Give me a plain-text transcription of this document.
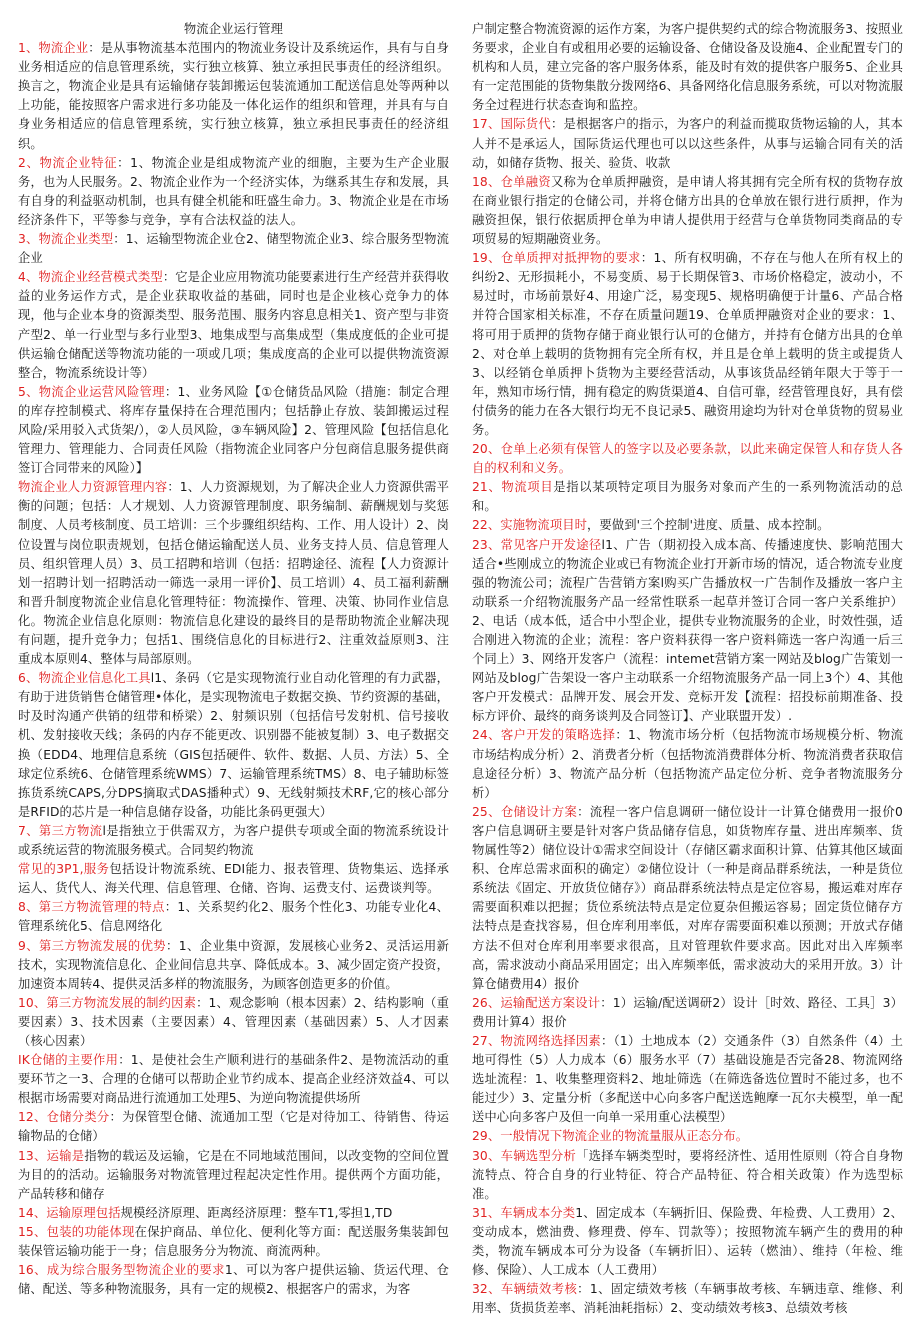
物流企业运行管理

1、物流企业：是从事物流基本范围内的物流业务设计及系统运作，具有与自身业务相适应的信息管理系统，实行独立核算、独立承担民事责任的经济组织。换言之，物流企业是具有运输储存装卸搬运包装流通加工配送信息处等两种以上功能，能按照客户需求进行多功能及一体化运作的组织和管理，并具有与自身业务相适应的信息管理系统，实行独立核算，独立承担民事责任的经济组织。

2、物流企业特征：1、物流企业是组成物流产业的细胞，主要为生产企业服务，也为人民服务。2、物流企业作为一个经济实体，为继系其生存和发展，具有自身的利益驱动机制，也具有健全机能和旺盛生命力。3、物流企业是在市场经济条件下，平等参与竞争，享有合法权益的法人。

3、物流企业类型：1、运输型物流企业仓2、储型物流企业3、综合服务型物流企业

4、物流企业经营模式类型：它是企业应用物流功能要素进行生产经营并获得收益的业务运作方式，是企业获取收益的基础，同时也是企业核心竞争力的体现，他与企业本身的资源类型、服务范围、服务内容息息相关1、资产型与非资产型2、单一行业型与多行业型3、地集成型与高集成型（集成度低的企业可提供运输仓储配送等物流功能的一项或几项；集成度高的企业可以提供物流资源整合，物流系统设计等）

5、物流企业运营风险管理：1、业务风险【①仓储货品风险（措施：制定合理的库存控制模式、将库存量保持在合理范围内；包括静止存放、装卸搬运过程风险/采用驳入式货架/），②人员风险，③车辆风险】2、管理风险【包括信息化管理力、管理能力、合同责任风险（指物流企业同客户分包商信息服务提供商签订合同带来的风险）】

物流企业人力资源管理内容：1、人力资源规划，为了解决企业人力资源供需平衡的问题；包括：人才规划、人力资源管理制度、职务编制、薪酬规划与奖惩制度、人员考核制度、员工培训：三个步骤组织结构、工作、用人设计）2、岗位设置与岗位职责规划，包括仓储运输配送人员、业务支持人员、信息管理人员、组织管理人员）3、员工招聘和培训（包括：招聘途径、流程【人力资源计划一招聘计划一招聘活动一筛选一录用一评价】、员工培训）4、员工福利薪酬和晋升制度物流企业信息化管理特征：物流操作、管理、决策、协同作业信息化。物流企业信息化原则：物流信息化建设的最终目的是帮助物流企业解决现有问题，提升竞争力；包括1、围绕信息化的目标进行2、注重效益原则3、注重成本原则4、整体与局部原则。

6、物流企业信息化工具l1、条码（它是实现物流行业自动化管理的有力武器，有助于进货销售仓储管理•体化，是实现物流电子数据交换、节约资源的基础，时及时沟通产供销的纽带和桥梁）2、射频识别（包括信号发射机、信号接收机、发射接收天线；条码的内存不能更改、识别器不能被复制）3、电子数据交换（EDD4、地理信息系统（GIS包括硬件、软件、数据、人员、方法）5、全球定位系统6、仓储管理系统WMS）7、运输管理系统TMS）8、电子辅助标签拣货系统CAPS,分DPS摘取式DAS播种式）9、无线射频技术RF,它的核心部分是RFID的芯片是一种信息储存设备，功能比条码更强大）

7、第三方物流l是指独立于供需双方，为客户提供专项或全面的物流系统设计或系统运营的物流服务模式。合同契约物流

常见的3P1,服务包括设计物流系统、EDI能力、报表管理、货物集运、选择承运人、货代人、海关代理、信息管理、仓储、咨询、运费支付、运费谈判等。

8、第三方物流管理的特点：1、关系契约化2、服务个性化3、功能专业化4、管理系统化5、信息网络化

9、第三方物流发展的优势：1、企业集中资源，发展核心业务2、灵活运用新技术，实现物流信息化、企业间信息共享、降低成本。3、减少固定资产投资，加速资本周转4、提供灵活多样的物流服务，为顾客创造更多的价值。

10、第三方物流发展的制约因素：1、观念影响（根本因素）2、结构影响（重要因素）3、技术因素（主要因素）4、管理因素（基础因素）5、人才因素（核心因素）

IK仓储的主要作用：1、是使社会生产顺利进行的基础条件2、是物流活动的重要环节之一3、合理的仓储可以帮助企业节约成本、提高企业经济效益4、可以根据市场需要对商品进行流通加工处理5、为逆向物流提供场所

12、仓储分类分：为保管型仓储、流通加工型（它是对待加工、待销售、待运输物品的仓储）

13、运输是指物的载运及运输，它是在不同地域范围间，以改变物的空间位置为目的的活动。运输服务对物流管理过程起决定性作用。提供两个方面功能，产品转移和储存

14、运输原理包括规模经济原理、距离经济原理：整车T1,零担1,TD

15、包装的功能体现在保护商品、单位化、便利化等方面：配送服务集装卸包装保管运输功能于一身；信息服务分为物流、商流两种。

16、成为综合服务型物流企业的要求1、可以为客户提供运输、货运代理、仓储、配送、等多种物流服务，具有一定的规模2、根据客户的需求，为客

户制定整合物流资源的运作方案，为客户提供契约式的综合物流服务3、按照业务要求，企业自有或租用必要的运输设备、仓储设备及设施4、企业配置专门的机构和人员，建立完备的客户服务体系，能及时有效的提供客户服务5、企业具有一定范围能的货物集散分拨网络6、具备网络化信息服务系统，可以对物流服务全过程进行状态查询和监控。

17、国际货代：是根据客户的指示，为客户的利益而揽取货物运输的人，其本人并不是承运人，国际货运代理也可以以这些条件，从事与运输合同有关的活动，如储存货物、报关、验货、收款

18、仓单融资又称为仓单质押融资，是申请人将其拥有完全所有权的货物存放在商业银行指定的仓储公司，并将仓储方出具的仓单放在银行进行质押，作为融资担保，银行依据质押仓单为申请人提供用于经营与仓单货物同类商品的专项贸易的短期融资业务。

19、仓单质押对抵押物的要求：1、所有权明确，不存在与他人在所有权上的纠纷2、无形损耗小，不易变质、易于长期保管3、市场价格稳定，波动小，不易过时，市场前景好4、用途广泛，易变现5、规格明确便于计量6、产品合格并符合国家相关标准，不存在质量问题19、仓单质押融资对企业的要求：1、将可用于质押的货物存储于商业银行认可的仓储方，并持有仓储方出具的仓单2、对仓单上载明的货物拥有完全所有权，并且是仓单上载明的货主或提货人3、以经销仓单质押卜货物为主要经营活动，从事该货品经销年限大于等于一年，熟知市场行情，拥有稳定的购货渠道4、自信可靠，经营管理良好，具有偿付债务的能力在各大银行均无不良记录5、融资用途均为针对仓单货物的贸易业务。

20、仓单上必须有保管人的签字以及必要条款，以此来确定保管人和存货人各自的权利和义务。

21、物流项目是指以某项特定项目为服务对象而产生的一系列物流活动的总和。

22、实施物流项目时，要做到'三个控制'进度、质量、成本控制。

23、常见客户开发途径l1、广告（期初投入成本高、传播速度快、影响范围大适合•些刚成立的物流企业或已有物流企业打开新市场的情况，适合物流专业度强的物流公司；流程广告营销方案l购买广告播放权一广告制作及播放一客户主动联系一介绍物流服务产品一经常性联系一起草并签订合同一客户关系维护）2、电话（成本低，适合中小型企业，提供专业物流服务的企业，时效性强，适合刚进入物流的企业；流程：客户资料获得一客户资料筛选一客户沟通一后三个同上）3、网络开发客户（流程：intemet营销方案一网站及blog广告策划一网站及blog广告架设一客户主动联系一介绍物流服务产品一同上3个）4、其他客户开发模式：品牌开发、展会开发、竞标开发【流程：招投标前期准备、投标方评价、最终的商务谈判及合同签订】、产业联盟开发）.

24、客户开发的策略选择：1、物流市场分析（包括物流市场规模分析、物流市场结构成分析）2、消费者分析（包括物流消费群体分析、物流消费者获取信息途径分析）3、物流产品分析（包括物流产品定位分析、竞争者物流服务分析）

25、仓储设计方案：流程一客户信息调研一储位设计一计算仓储费用一报价0客户信息调研主要是针对客户货品储存信息，如货物库存量、进出库频率、货物属性等2）储位设计①需求空间设计（存储区霸求面积计算、估算其他区域面积、仓库总需求面积的确定）②储位设计（一种是商品群系统法，一种是货位系统法《固定、开放货位储存》）商品群系统法特点是定位容易，搬运难对库存需要面积难以把握；货位系统法特点是定位夏杂但搬运容易；固定货位储存方法特点是查找容易，但仓库利用率低，对库存需要面积难以预测；开放式存储方法不但对仓库利用率要求很高，且对管理软件要求高。因此对出入库频率高，需求波动小商品采用固定；出入库频率低，需求波动大的采用开放。3）计算仓储费用4）报价

26、运输配送方案设计：1）运输/配送调研2）设计［时效、路径、工具］3）费用计算4）报价

27、物流网络选择因素：（1）土地成本（2）交通条件（3）自然条件（4）土地可得性（5）人力成本（6）服务水平（7）基础设施是否完备28、物流网络选址流程：1、收集整理资料2、地址筛选（在筛选备选位置时不能过多，也不能过少）3、定量分析（多配送中心向多客户配送选鲍摩一瓦尔夫模型，单一配送中心向多客户及但一向单一采用重心法模型）

29、一般情况下物流企业的物流量服从正态分布。

30、车辆选型分析「选择车辆类型时，要将经济性、适用性原则（符合自身物流特点、符合自身的行业特征、符合产品特征、符合相关政策）作为选型标准。

31、车辆成本分类1、固定成本（车辆折旧、保险费、年检费、人工费用）2、变动成本，燃油费、修理费、停车、罚款等）；按照物流车辆产生的费用的种类，物流车辆成本可分为设备（车辆折旧）、运转（燃油）、维持（年检、维修、保险）、人工成本（人工费用）

32、车辆绩效考核：1、固定绩效考核（车辆事故考核、车辆违章、维修、利用率、货损货差率、消耗油耗指标）2、变动绩效考核3、总绩效考核
